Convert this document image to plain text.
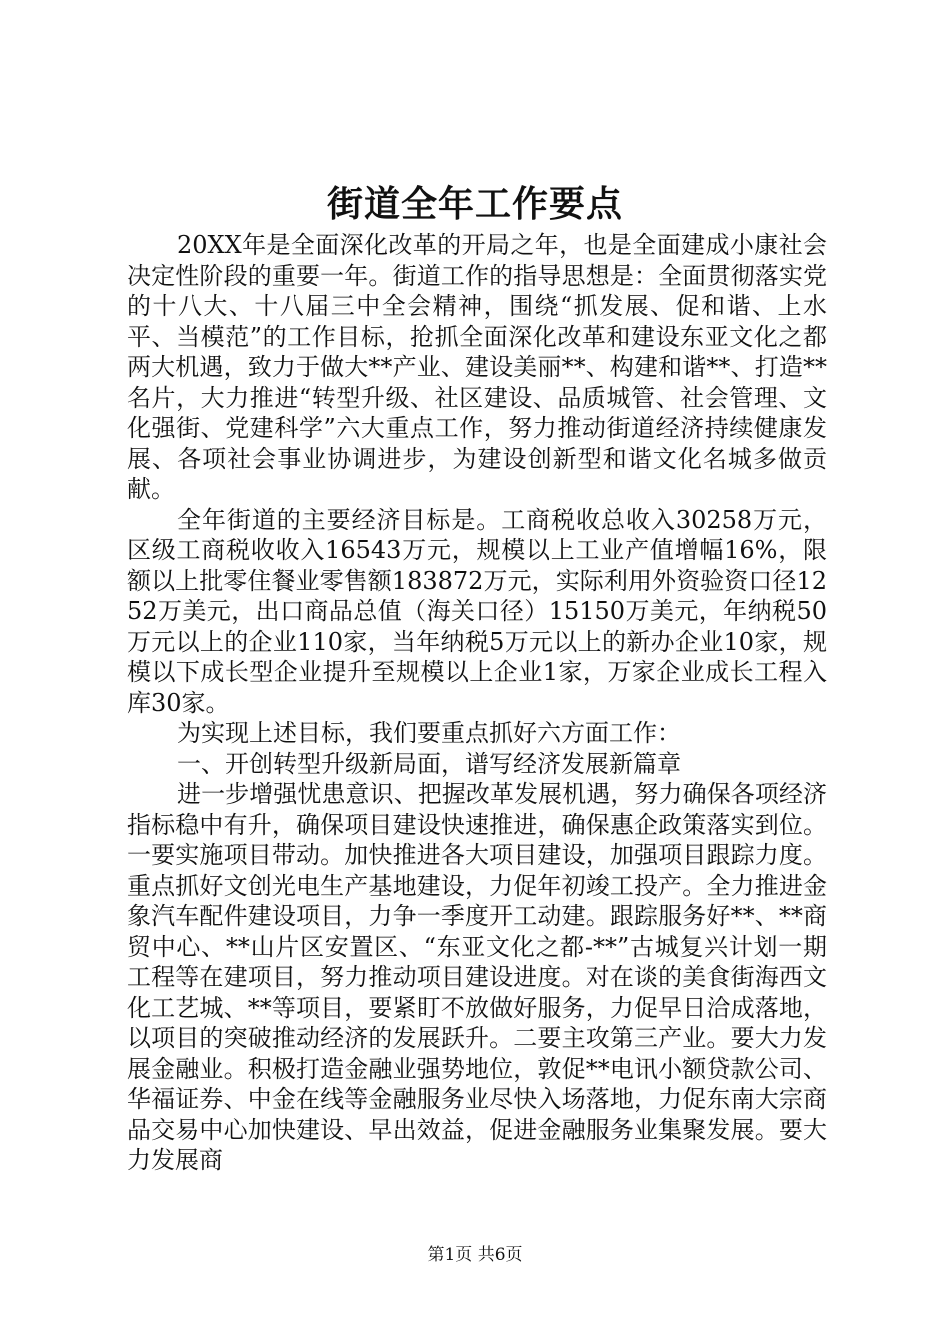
街道全年工作要点

20XX年是全面深化改革的开局之年，也是全面建成小康社会决定性阶段的重要一年。街道工作的指导思想是：全面贯彻落实党的十八大、十八届三中全会精神，围绕“抓发展、促和谐、上水平、当模范”的工作目标，抢抓全面深化改革和建设东亚文化之都两大机遇，致力于做大**产业、建设美丽**、构建和谐**、打造**名片，大力推进“转型升级、社区建设、品质城管、社会管理、文化强街、党建科学”六大重点工作，努力推动街道经济持续健康发展、各项社会事业协调进步，为建设创新型和谐文化名城多做贡献。

全年街道的主要经济目标是。工商税收总收入30258万元，区级工商税收收入16543万元，规模以上工业产值增幅16%，限额以上批零住餐业零售额183872万元，实际利用外资验资口径1252万美元，出口商品总值（海关口径）15150万美元，年纳税50万元以上的企业110家，当年纳税5万元以上的新办企业10家，规模以下成长型企业提升至规模以上企业1家，万家企业成长工程入库30家。

为实现上述目标，我们要重点抓好六方面工作：

一、开创转型升级新局面，谱写经济发展新篇章

进一步增强忧患意识、把握改革发展机遇，努力确保各项经济指标稳中有升，确保项目建设快速推进，确保惠企政策落实到位。一要实施项目带动。加快推进各大项目建设，加强项目跟踪力度。重点抓好文创光电生产基地建设，力促年初竣工投产。全力推进金象汽车配件建设项目，力争一季度开工动建。跟踪服务好**、**商贸中心、**山片区安置区、“东亚文化之都-**”古城复兴计划一期工程等在建项目，努力推动项目建设进度。对在谈的美食街海西文化工艺城、**等项目，要紧盯不放做好服务，力促早日洽成落地，以项目的突破推动经济的发展跃升。二要主攻第三产业。要大力发展金融业。积极打造金融业强势地位，敦促**电讯小额贷款公司、华福证券、中金在线等金融服务业尽快入场落地，力促东南大宗商品交易中心加快建设、早出效益，促进金融服务业集聚发展。要大力发展商

第1页 共6页
